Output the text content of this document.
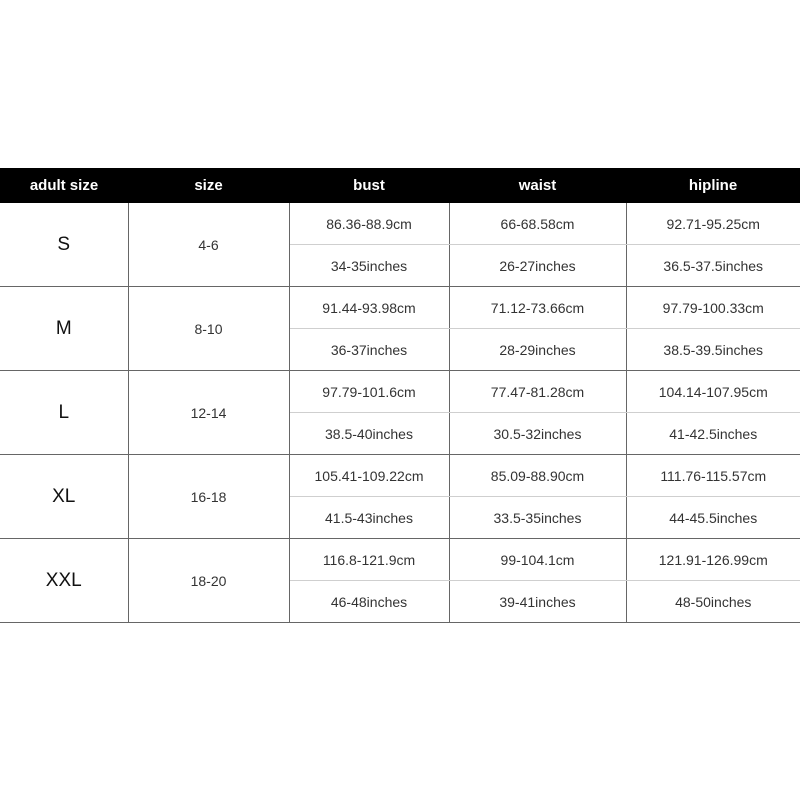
adult size	size	bust	waist	hipline
S	4-6	86.36-88.9cm	66-68.58cm	92.71-95.25cm
		34-35inches	26-27inches	36.5-37.5inches
M	8-10	91.44-93.98cm	71.12-73.66cm	97.79-100.33cm
		36-37inches	28-29inches	38.5-39.5inches
L	12-14	97.79-101.6cm	77.47-81.28cm	104.14-107.95cm
		38.5-40inches	30.5-32inches	41-42.5inches
XL	16-18	105.41-109.22cm	85.09-88.90cm	111.76-115.57cm
		41.5-43inches	33.5-35inches	44-45.5inches
XXL	18-20	116.8-121.9cm	99-104.1cm	121.91-126.99cm
		46-48inches	39-41inches	48-50inches
